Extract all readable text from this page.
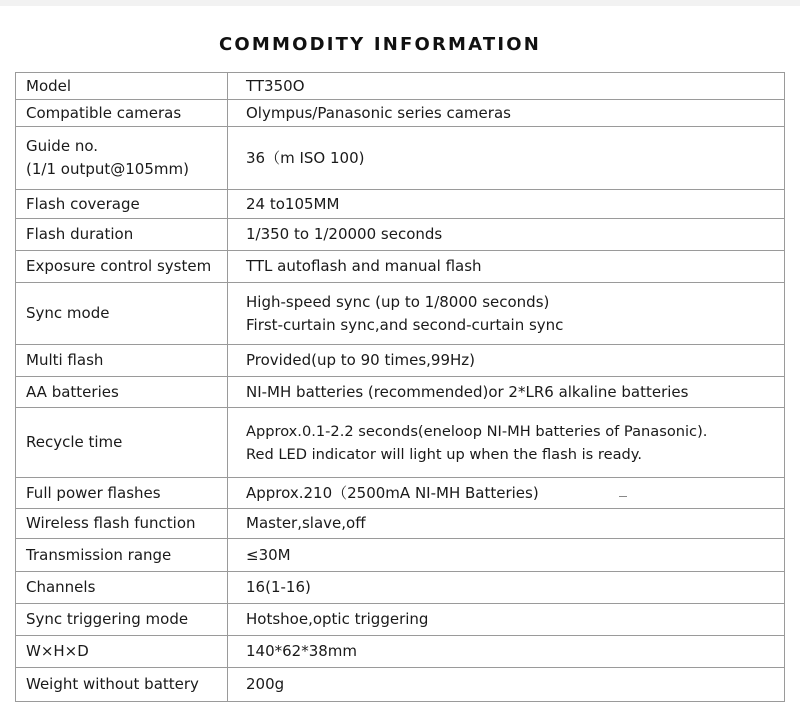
COMMODITY INFORMATION
Model	TT350O
Compatible cameras	Olympus/Panasonic series cameras

Guide no.
(1/1 output@105mm)	36（m ISO 100)
Flash coverage	24 to105MM
Flash duration	1/350 to 1/20000 seconds
Exposure control system	TTL autoflash and manual flash
Sync mode	High-speed sync (up to 1/8000 seconds)
First-curtain sync,and second-curtain sync

Multi flash	Provided(up to 90 times,99Hz)
AA batteries	NI-MH batteries (recommended)or 2*LR6 alkaline batteries
Recycle time	Approx.0.1-2.2 seconds(eneloop NI-MH batteries of Panasonic).
Red LED indicator will light up when the flash is ready.

Full power flashes	Approx.210（2500mA NI-MH Batteries)
Wireless flash function	Master,slave,off
Transmission range	≤30M
Channels	16(1-16)
Sync triggering mode	Hotshoe,optic triggering
W×H×D	140*62*38mm
Weight without battery	200g
